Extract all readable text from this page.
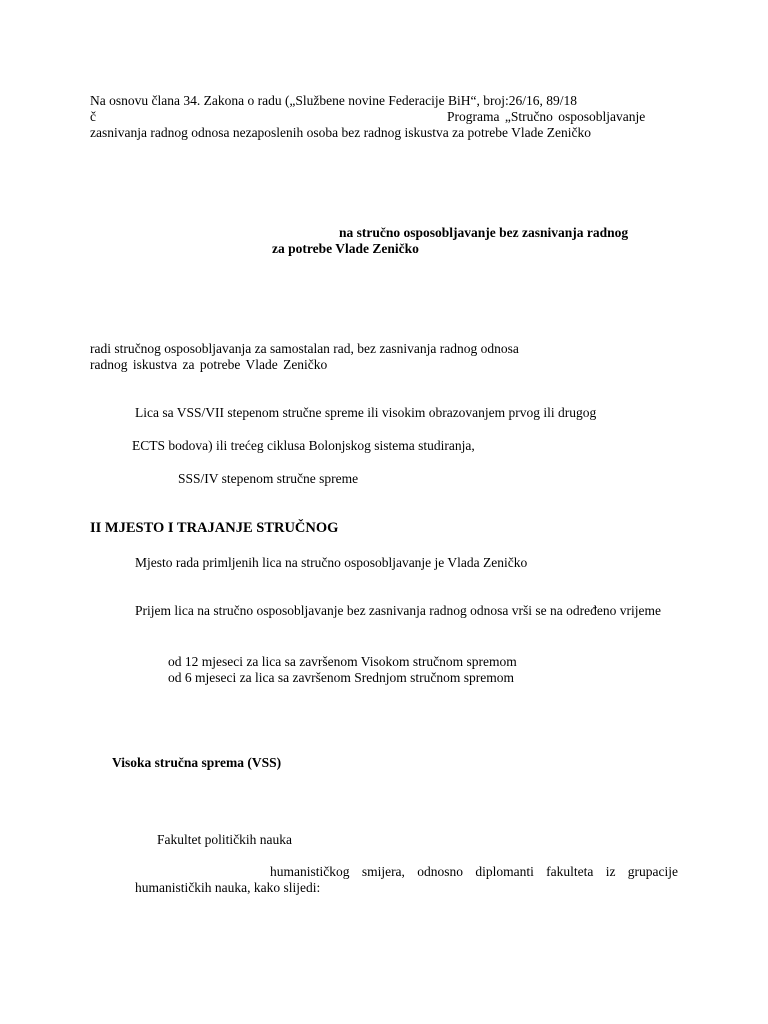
Na osnovu člana 34. Zakona o radu („Službene novine Federacije BiH“, broj:26/16, 89/18
č	Programa „Stručno osposobljavanje
zasnivanja radnog odnosa nezaposlenih osoba bez radnog iskustva za potrebe Vlade Zeničko
na stručno osposobljavanje bez zasnivanja radnog
za potrebe Vlade Zeničko
radi stručnog osposobljavanja za samostalan rad, bez zasnivanja radnog odnosa
radnog iskustva za potrebe Vlade Zeničko
Lica sa VSS/VII stepenom stručne spreme ili visokim obrazovanjem prvog ili drugog
ECTS bodova) ili trećeg ciklusa Bolonjskog sistema studiranja,
SSS/IV stepenom stručne spreme
II MJESTO I TRAJANJE STRUČNOG
Mjesto rada primljenih lica na stručno osposobljavanje je Vlada Zeničko
Prijem lica na stručno osposobljavanje bez zasnivanja radnog odnosa vrši se na određeno vrijeme
od 12 mjeseci za lica sa završenom Visokom stručnom spremom
od 6 mjeseci za lica sa završenom Srednjom stručnom spremom
Visoka stručna sprema (VSS)
Fakultet političkih nauka
humanističkog smijera, odnosno diplomanti fakulteta iz grupacije
humanističkih nauka, kako slijedi:
